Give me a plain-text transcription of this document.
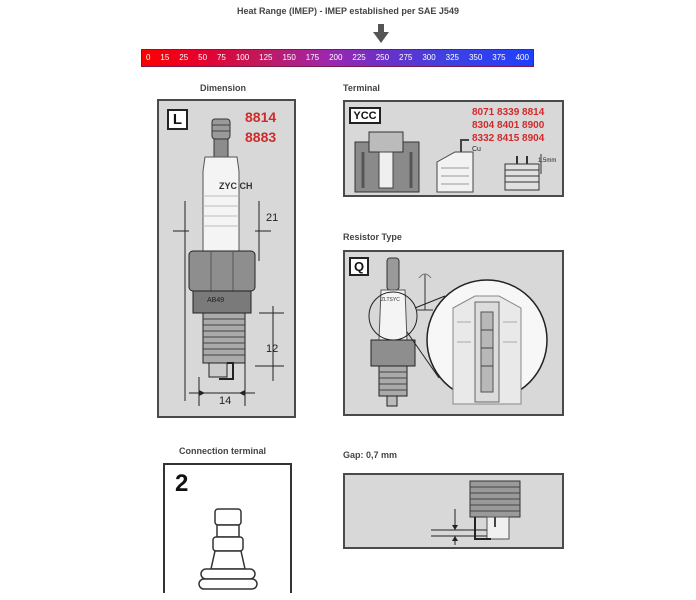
Heat Range (IMEP) - IMEP established per SAE J549
0 15 25 50 75 100 125 150 175 200 225 250 275 300 325 350 375 400
Dimension
L	8814
8883
ZYC CH
AB49
21
12
14
Terminal
YCC	8071 8339 8814
8304 8401 8900
8332 8415 8904
Cu
1.5mm
Resistor Type
Q
ZLTSYC
Connection terminal
2
Gap: 0,7 mm
